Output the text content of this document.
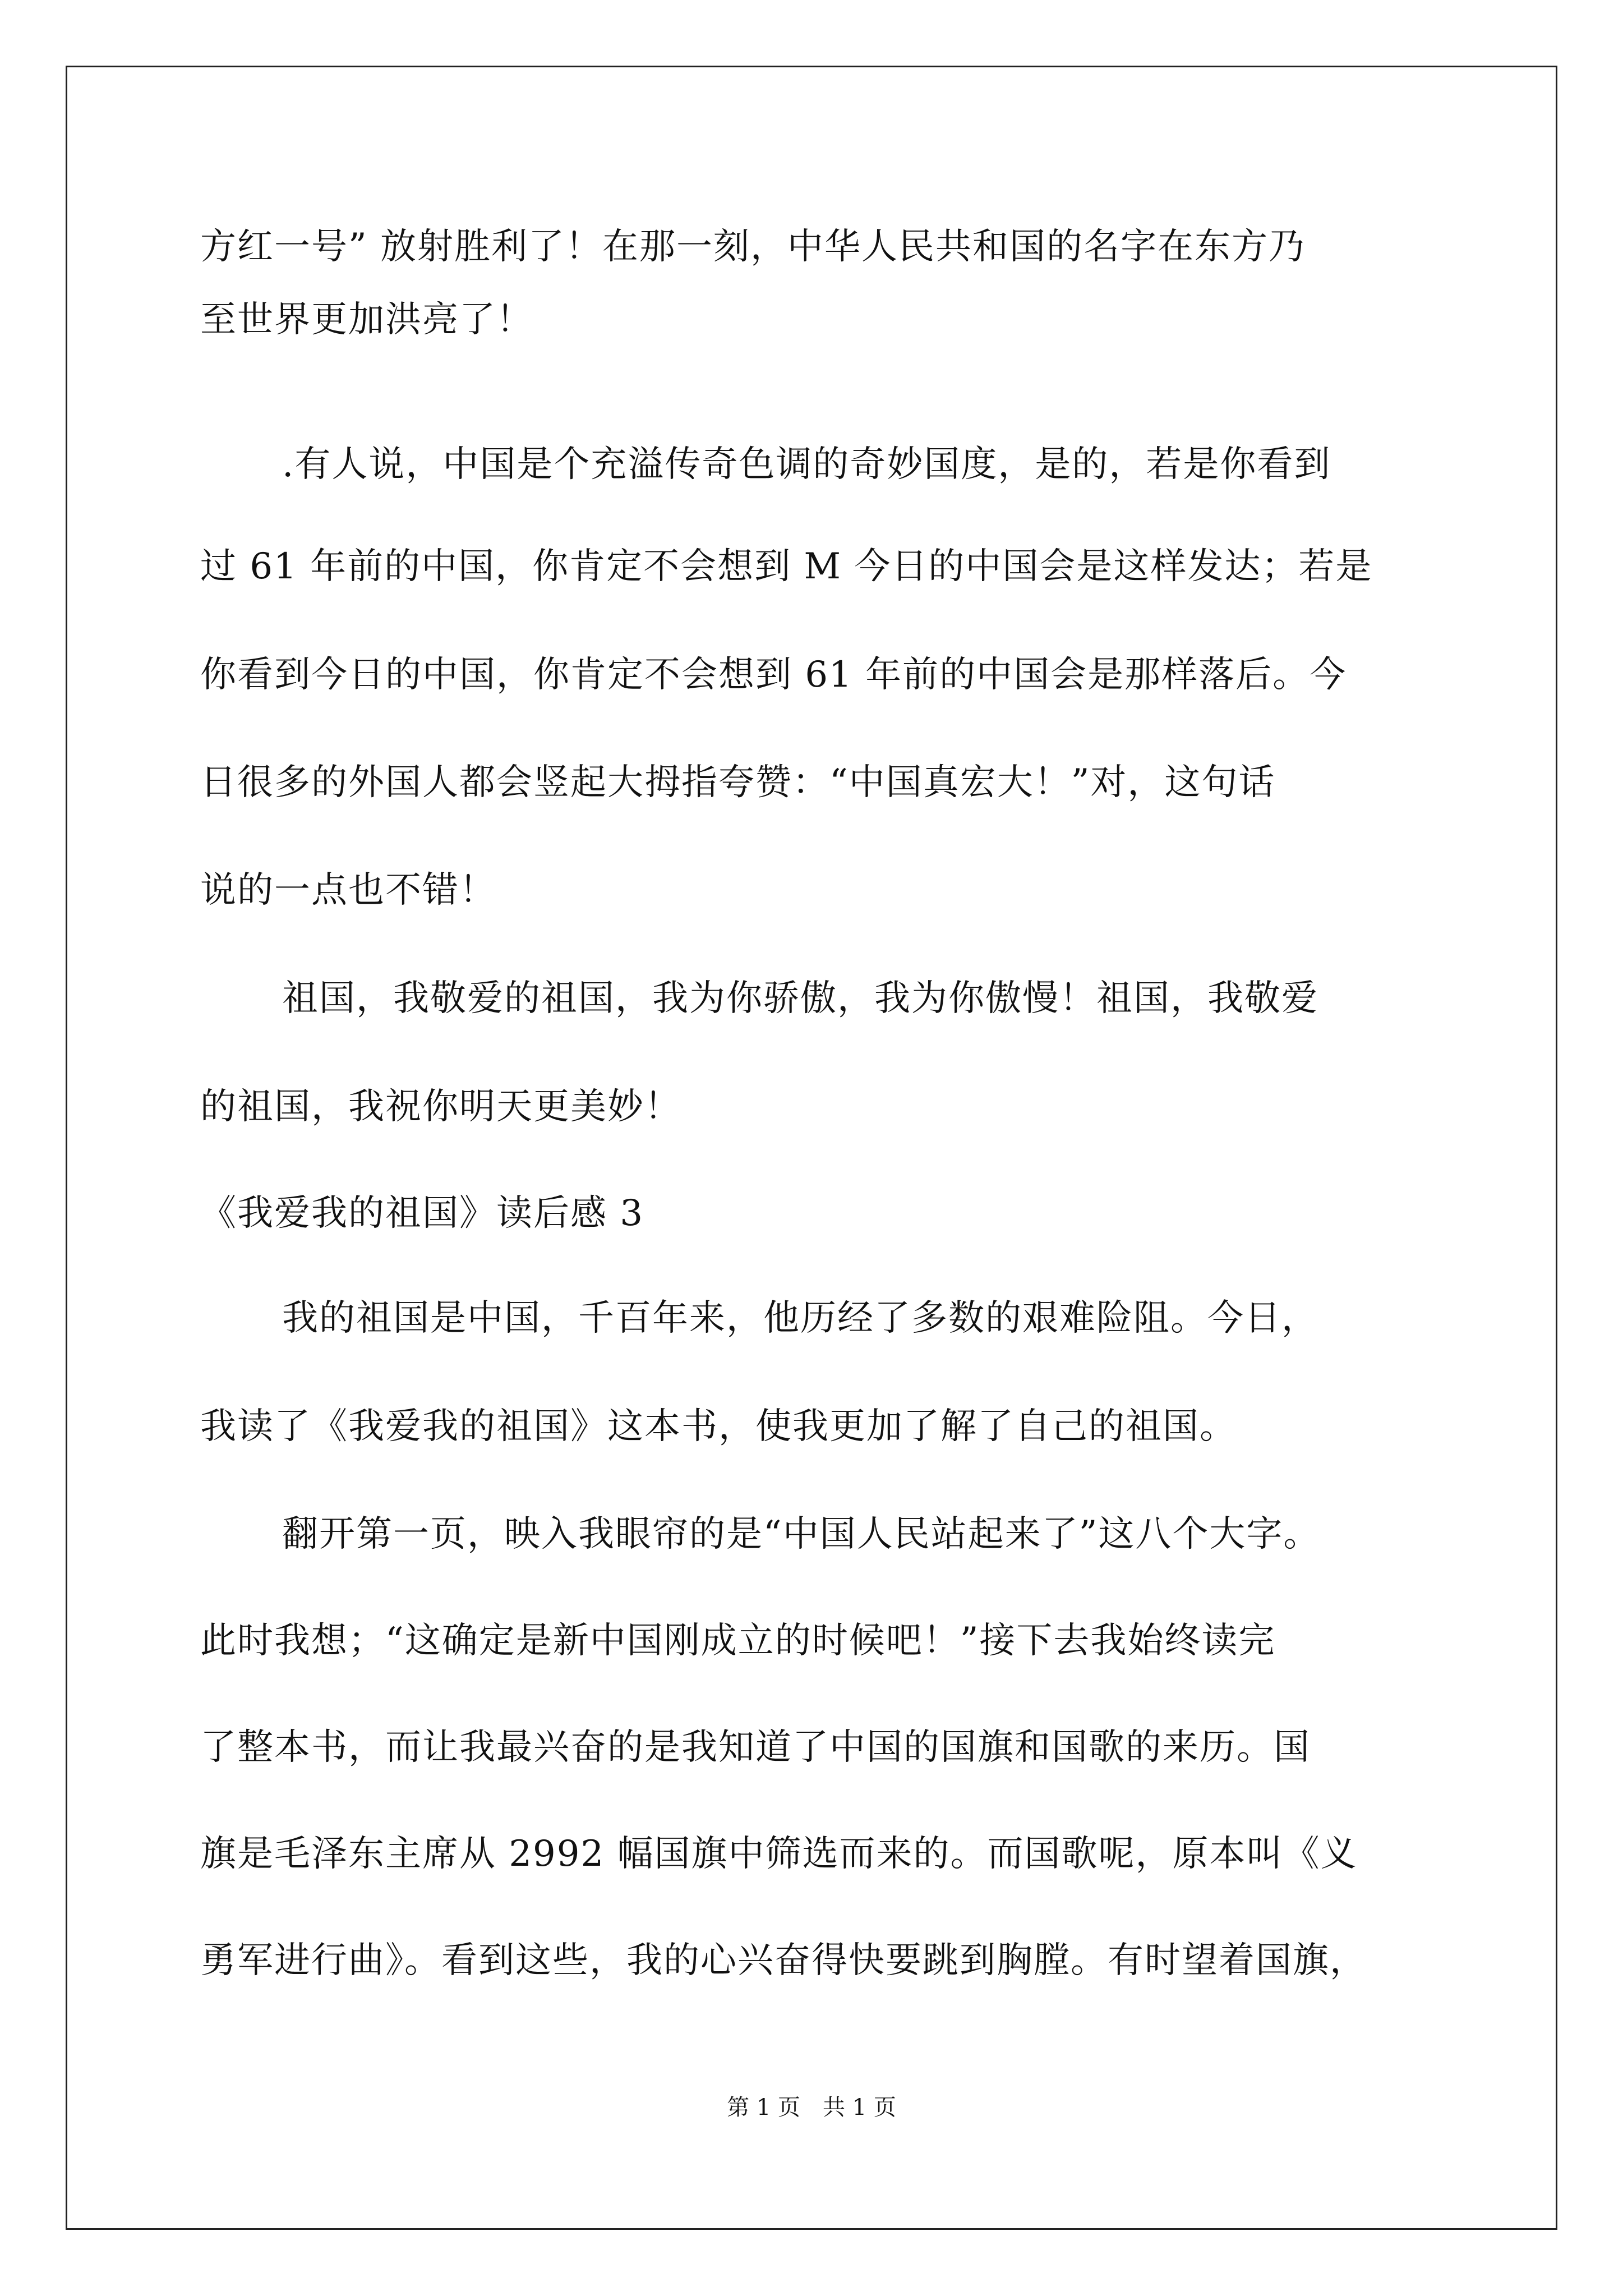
方红一号” 放射胜利了！在那一刻，中华人民共和国的名字在东方乃
至世界更加洪亮了！
.有人说，中国是个充溢传奇色调的奇妙国度，是的，若是你看到
过 61 年前的中国，你肯定不会想到 M 今日的中国会是这样发达；若是
你看到今日的中国，你肯定不会想到 61 年前的中国会是那样落后。今
日很多的外国人都会竖起大拇指夸赞：“中国真宏大！”对，这句话
说的一点也不错！
祖国，我敬爱的祖国，我为你骄傲，我为你傲慢！祖国，我敬爱
的祖国，我祝你明天更美妙！
《我爱我的祖国》读后感 3
我的祖国是中国，千百年来，他历经了多数的艰难险阻。今日，
我读了《我爱我的祖国》这本书，使我更加了解了自己的祖国。
翻开第一页，映入我眼帘的是“中国人民站起来了”这八个大字。
此时我想；“这确定是新中国刚成立的时候吧！”接下去我始终读完
了整本书，而让我最兴奋的是我知道了中国的国旗和国歌的来历。国
旗是毛泽东主席从 2992 幅国旗中筛选而来的。而国歌呢，原本叫《义
勇军进行曲》。看到这些，我的心兴奋得快要跳到胸膛。有时望着国旗，
第 1 页　共 1 页
